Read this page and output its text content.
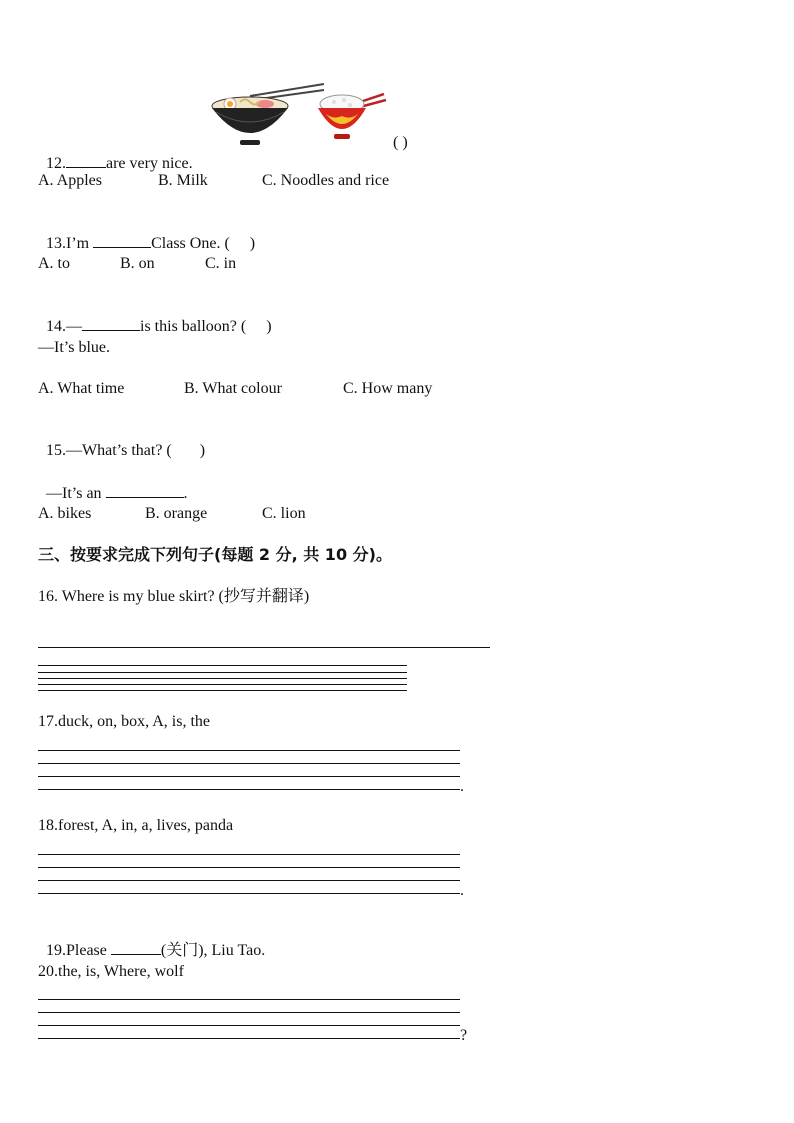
12.	are very nice.

( )
A. Apples	B. Milk	C. Noodles and rice

13.I’m	Class One. ( )

A. to	B. on	C. in

14.—	is this balloon? ( )

—It’s blue.
A. What time	B. What colour	C. How many

15.—What’s that? ( )

—It’s an	.

A. bikes	B. orange	C. lion
三、按要求完成下列句子(每题 2 分, 共 10 分)。
16. Where is my blue skirt? (抄写并翻译)
17.duck, on, box, A, is, the
.
18.forest, A, in, a, lives, panda
.

19.Please	(关门), Liu Tao.

20.the, is, Where, wolf
?
